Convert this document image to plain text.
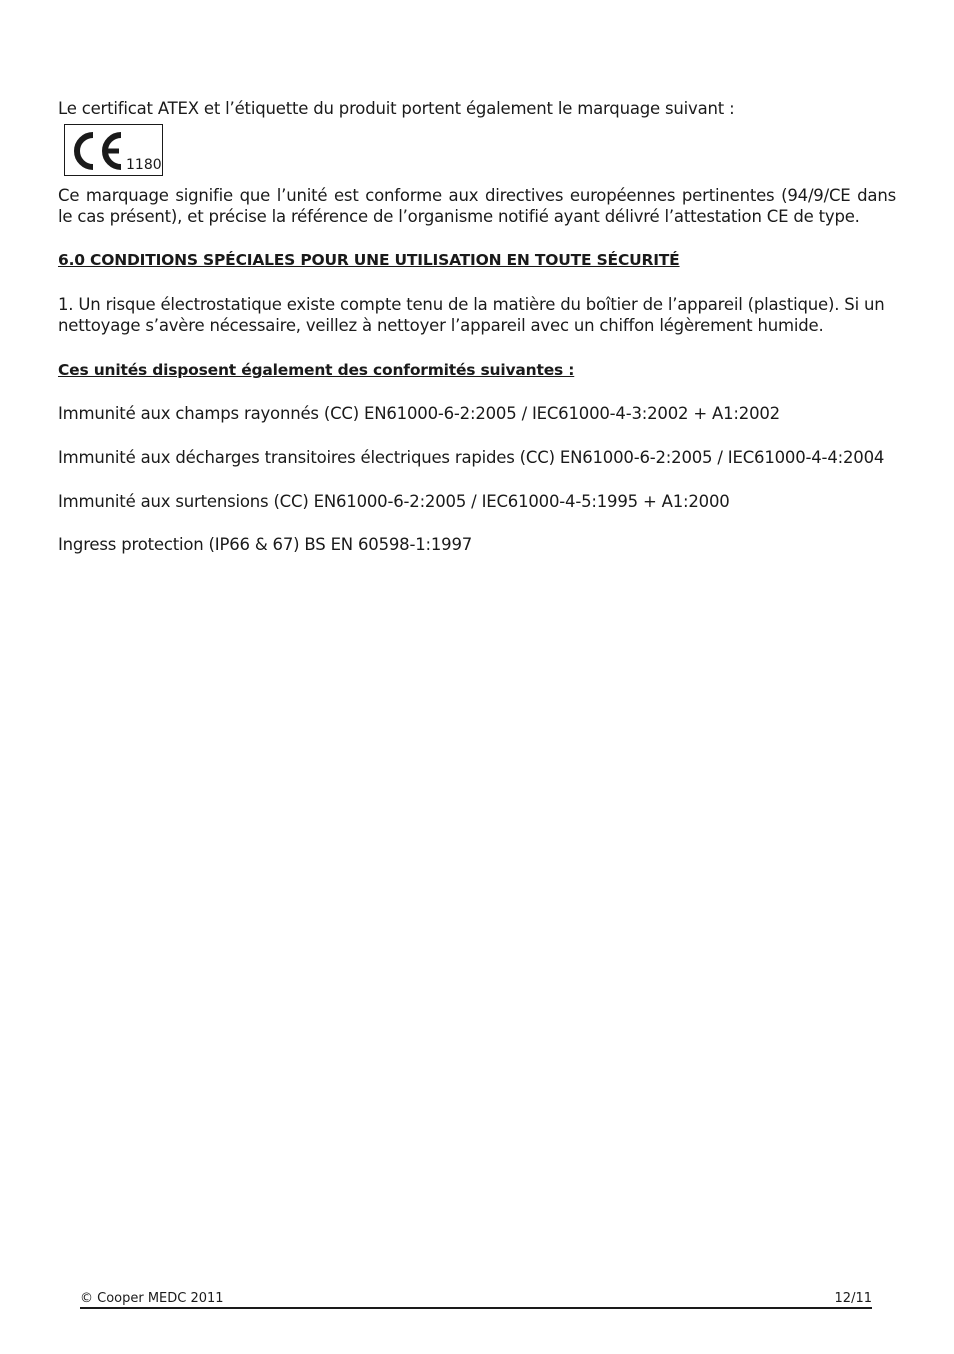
Le certificat ATEX et l’étiquette du produit portent également le marquage suivant :

1180

Ce marquage signifie que l’unité est conforme aux directives européennes pertinentes (94/9/CE dans le cas présent), et précise la référence de l’organisme notifié ayant délivré l’attestation CE de type.

6.0 CONDITIONS SPÉCIALES POUR UNE UTILISATION EN TOUTE SÉCURITÉ

1. Un risque électrostatique existe compte tenu de la matière du boîtier de l’appareil (plastique). Si un nettoyage s’avère nécessaire, veillez à nettoyer l’appareil avec un chiffon légèrement humide.

Ces unités disposent également des conformités suivantes :

Immunité aux champs rayonnés (CC) EN61000-6-2:2005 / IEC61000-4-3:2002 + A1:2002

Immunité aux décharges transitoires électriques rapides (CC) EN61000-6-2:2005 / IEC61000-4-4:2004

Immunité aux surtensions (CC) EN61000-6-2:2005 / IEC61000-4-5:1995 + A1:2000

Ingress protection (IP66 & 67) BS EN 60598-1:1997

© Cooper MEDC 2011	12/11
